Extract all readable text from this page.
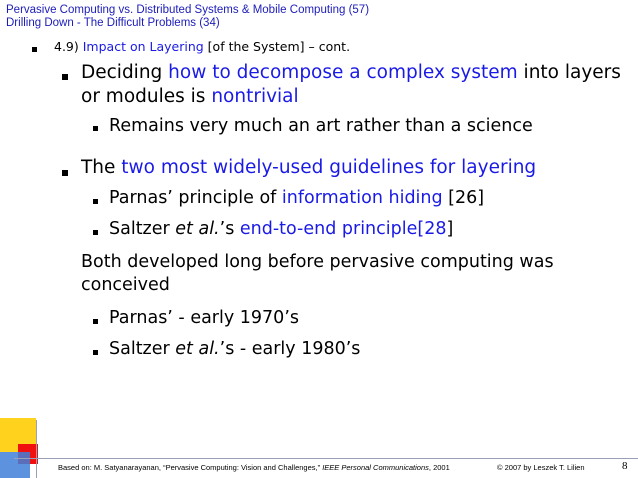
Pervasive Computing vs. Distributed Systems & Mobile Computing (57)
Drilling Down - The Difficult Problems (34)
4.9) Impact on Layering [of the System] – cont.
Deciding how to decompose a complex system into layers
or modules is nontrivial
Remains very much an art rather than a science
The two most widely-used guidelines for layering
Parnas’ principle of information hiding [26]
Saltzer et al.’s end-to-end principle[28]
Both developed long before pervasive computing was
conceived
Parnas’ - early 1970’s
Saltzer et al.’s - early 1980’s
Based on: M. Satyanarayanan, “Pervasive Computing: Vision and Challenges,” IEEE Personal Communications, 2001	© 2007 by Leszek T. Lilien	8
